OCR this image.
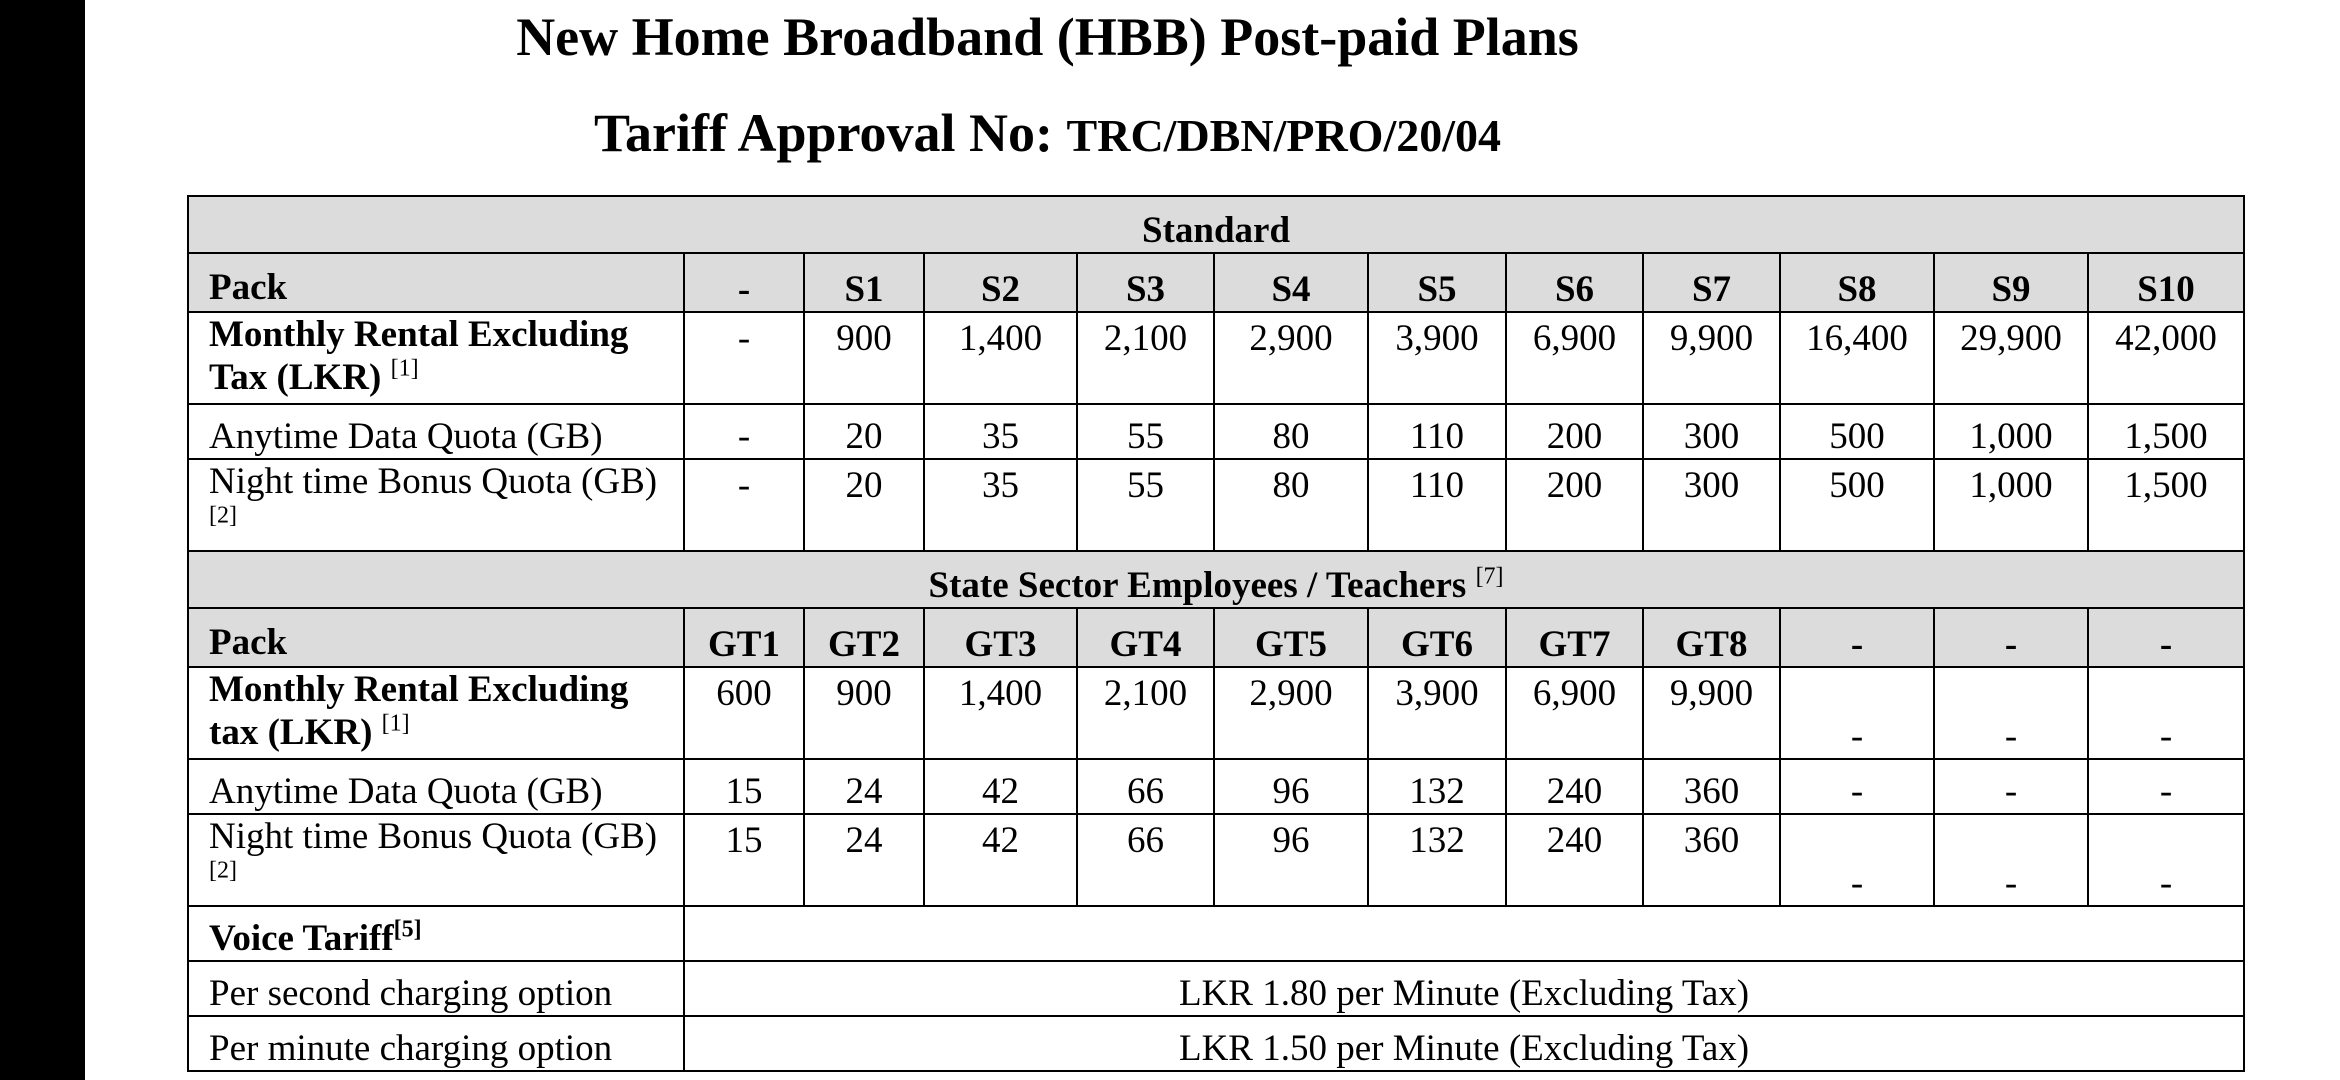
New Home Broadband (HBB) Post-paid Plans
Tariff Approval No: TRC/DBN/PRO/20/04
Standard											
Pack	-	S1	S2	S3	S4	S5	S6	S7	S8	S9	S10
Monthly Rental Excluding Tax (LKR) [1]	-	900	1,400	2,100	2,900	3,900	6,900	9,900	16,400	29,900	42,000
Anytime Data Quota (GB)	-	20	35	55	80	110	200	300	500	1,000	1,500
Night time Bonus Quota (GB) [2]	-	20	35	55	80	110	200	300	500	1,000	1,500
State Sector Employees / Teachers [7]
Pack	GT1	GT2	GT3	GT4	GT5	GT6	GT7	GT8	-	-	-
Monthly Rental Excluding tax (LKR) [1]	600	900	1,400	2,100	2,900	3,900	6,900	9,900	-	-	-
Anytime Data Quota (GB)	15	24	42	66	96	132	240	360	-	-	-
Night time Bonus Quota (GB) [2]	15	24	42	66	96	132	240	360	-	-	-
Voice Tariff[5]	
Per second charging option	LKR 1.80 per Minute (Excluding Tax)										
Per minute charging option	LKR 1.50 per Minute (Excluding Tax)										
